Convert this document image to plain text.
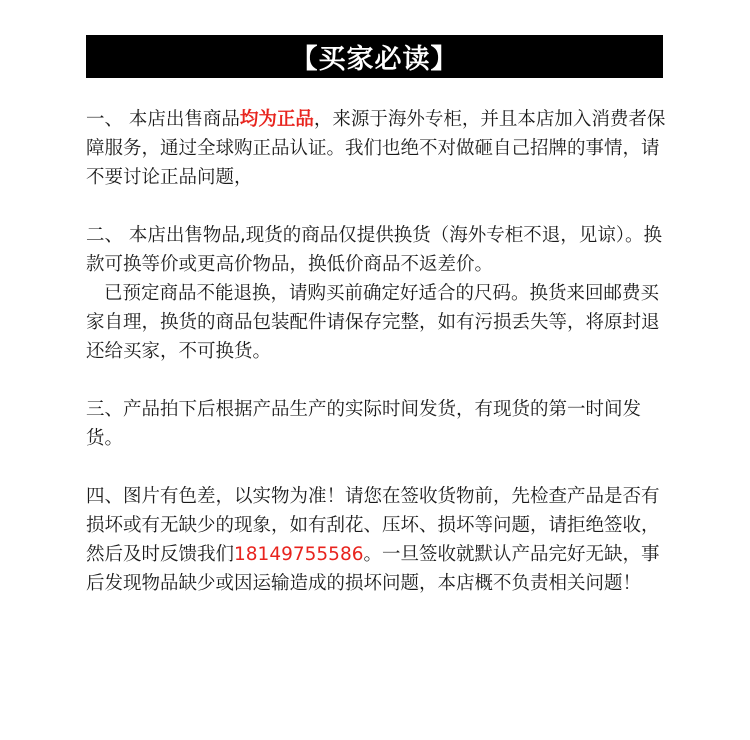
【买家必读】

一、 本店出售商品均为正品，来源于海外专柜，并且本店加入消费者保障服务，通过全球购正品认证。我们也绝不对做砸自己招牌的事情，请不要讨论正品问题，

二、 本店出售物品,现货的商品仅提供换货（海外专柜不退，见谅）。换款可换等价或更高价物品，换低价商品不返差价。
已预定商品不能退换，请购买前确定好适合的尺码。换货来回邮费买家自理，换货的商品包装配件请保存完整，如有污损丢失等，将原封退还给买家，不可换货。

三、产品拍下后根据产品生产的实际时间发货，有现货的第一时间发货。

四、图片有色差，以实物为准！请您在签收货物前，先检查产品是否有损坏或有无缺少的现象，如有刮花、压坏、损坏等问题，请拒绝签收，然后及时反馈我们18149755586。一旦签收就默认产品完好无缺，事后发现物品缺少或因运输造成的损坏问题，本店概不负责相关问题！
